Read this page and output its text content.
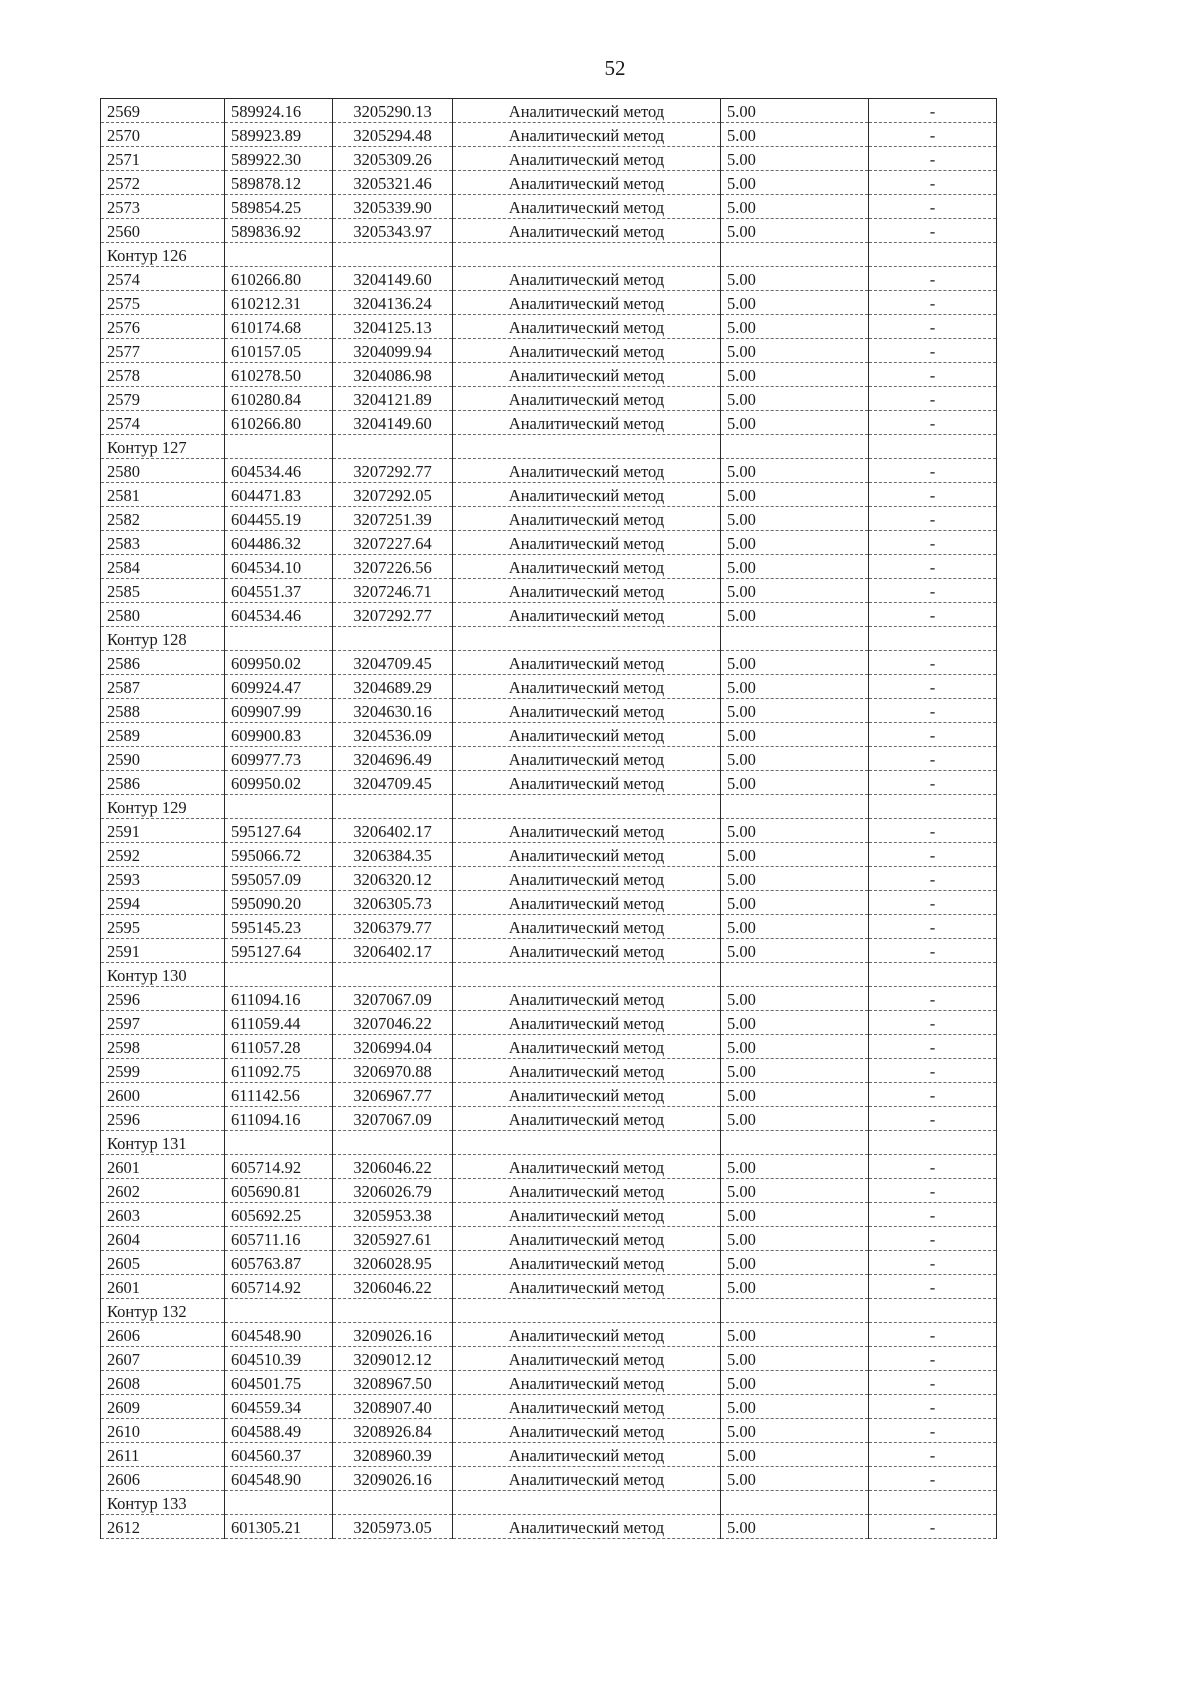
52
2569	589924.16	3205290.13	Аналитический метод	5.00	-
2570	589923.89	3205294.48	Аналитический метод	5.00	-
2571	589922.30	3205309.26	Аналитический метод	5.00	-
2572	589878.12	3205321.46	Аналитический метод	5.00	-
2573	589854.25	3205339.90	Аналитический метод	5.00	-
2560	589836.92	3205343.97	Аналитический метод	5.00	-
Контур 126					
2574	610266.80	3204149.60	Аналитический метод	5.00	-
2575	610212.31	3204136.24	Аналитический метод	5.00	-
2576	610174.68	3204125.13	Аналитический метод	5.00	-
2577	610157.05	3204099.94	Аналитический метод	5.00	-
2578	610278.50	3204086.98	Аналитический метод	5.00	-
2579	610280.84	3204121.89	Аналитический метод	5.00	-
2574	610266.80	3204149.60	Аналитический метод	5.00	-
Контур 127					
2580	604534.46	3207292.77	Аналитический метод	5.00	-
2581	604471.83	3207292.05	Аналитический метод	5.00	-
2582	604455.19	3207251.39	Аналитический метод	5.00	-
2583	604486.32	3207227.64	Аналитический метод	5.00	-
2584	604534.10	3207226.56	Аналитический метод	5.00	-
2585	604551.37	3207246.71	Аналитический метод	5.00	-
2580	604534.46	3207292.77	Аналитический метод	5.00	-
Контур 128					
2586	609950.02	3204709.45	Аналитический метод	5.00	-
2587	609924.47	3204689.29	Аналитический метод	5.00	-
2588	609907.99	3204630.16	Аналитический метод	5.00	-
2589	609900.83	3204536.09	Аналитический метод	5.00	-
2590	609977.73	3204696.49	Аналитический метод	5.00	-
2586	609950.02	3204709.45	Аналитический метод	5.00	-
Контур 129					
2591	595127.64	3206402.17	Аналитический метод	5.00	-
2592	595066.72	3206384.35	Аналитический метод	5.00	-
2593	595057.09	3206320.12	Аналитический метод	5.00	-
2594	595090.20	3206305.73	Аналитический метод	5.00	-
2595	595145.23	3206379.77	Аналитический метод	5.00	-
2591	595127.64	3206402.17	Аналитический метод	5.00	-
Контур 130					
2596	611094.16	3207067.09	Аналитический метод	5.00	-
2597	611059.44	3207046.22	Аналитический метод	5.00	-
2598	611057.28	3206994.04	Аналитический метод	5.00	-
2599	611092.75	3206970.88	Аналитический метод	5.00	-
2600	611142.56	3206967.77	Аналитический метод	5.00	-
2596	611094.16	3207067.09	Аналитический метод	5.00	-
Контур 131					
2601	605714.92	3206046.22	Аналитический метод	5.00	-
2602	605690.81	3206026.79	Аналитический метод	5.00	-
2603	605692.25	3205953.38	Аналитический метод	5.00	-
2604	605711.16	3205927.61	Аналитический метод	5.00	-
2605	605763.87	3206028.95	Аналитический метод	5.00	-
2601	605714.92	3206046.22	Аналитический метод	5.00	-
Контур 132					
2606	604548.90	3209026.16	Аналитический метод	5.00	-
2607	604510.39	3209012.12	Аналитический метод	5.00	-
2608	604501.75	3208967.50	Аналитический метод	5.00	-
2609	604559.34	3208907.40	Аналитический метод	5.00	-
2610	604588.49	3208926.84	Аналитический метод	5.00	-
2611	604560.37	3208960.39	Аналитический метод	5.00	-
2606	604548.90	3209026.16	Аналитический метод	5.00	-
Контур 133					
2612	601305.21	3205973.05	Аналитический метод	5.00	-
